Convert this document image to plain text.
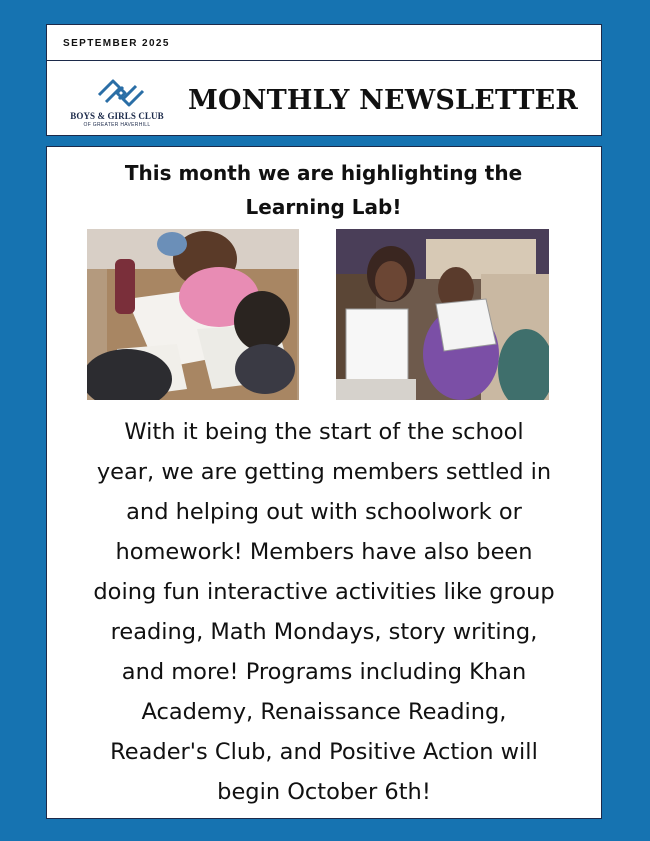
SEPTEMBER 2025
BOYS & GIRLS CLUB
OF GREATER HAVERHILL
MONTHLY NEWSLETTER
This month we are highlighting the
Learning Lab!
With it being the start of the school
year, we are getting members settled in
and helping out with schoolwork or
homework! Members have also been
doing fun interactive activities like group
reading, Math Mondays, story writing,
and more! Programs including Khan
Academy, Renaissance Reading,
Reader's Club, and Positive Action will
begin October 6th!
